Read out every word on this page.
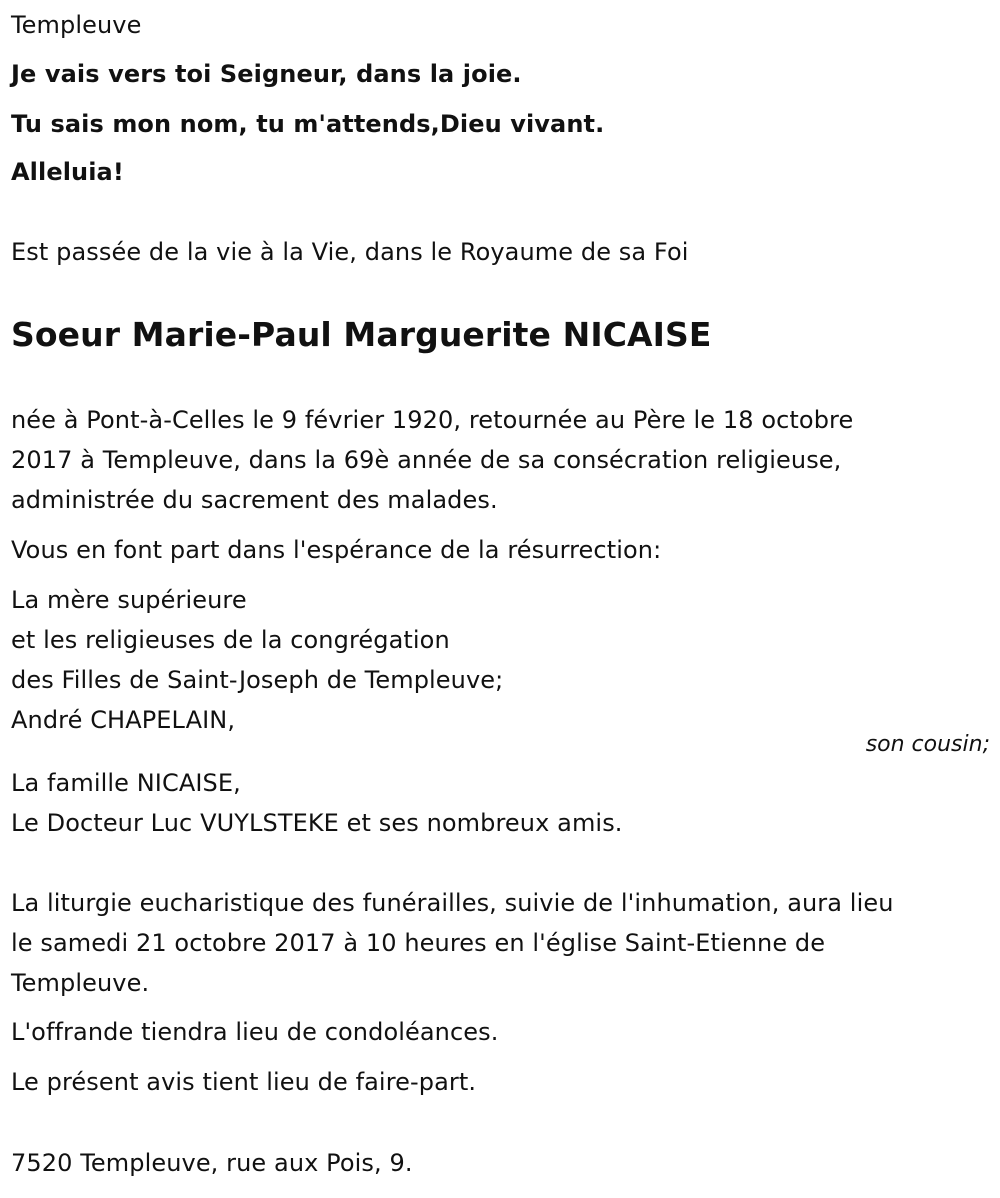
Templeuve
Je vais vers toi Seigneur, dans la joie.
Tu sais mon nom, tu m'attends,Dieu vivant.
Alleluia!
Est passée de la vie à la Vie, dans le Royaume de sa Foi
Soeur Marie-Paul Marguerite NICAISE
née à Pont-à-Celles le 9 février 1920, retournée au Père le 18 octobre
2017 à Templeuve, dans la 69è année de sa consécration religieuse,
administrée du sacrement des malades.
Vous en font part dans l'espérance de la résurrection:
La mère supérieure
et les religieuses de la congrégation
des Filles de Saint-Joseph de Templeuve;
André CHAPELAIN,
son cousin;
La famille NICAISE,
Le Docteur Luc VUYLSTEKE et ses nombreux amis.
La liturgie eucharistique des funérailles, suivie de l'inhumation, aura lieu
le samedi 21 octobre 2017 à 10 heures en l'église Saint-Etienne de
Templeuve.
L'offrande tiendra lieu de condoléances.
Le présent avis tient lieu de faire-part.
7520 Templeuve, rue aux Pois, 9.
